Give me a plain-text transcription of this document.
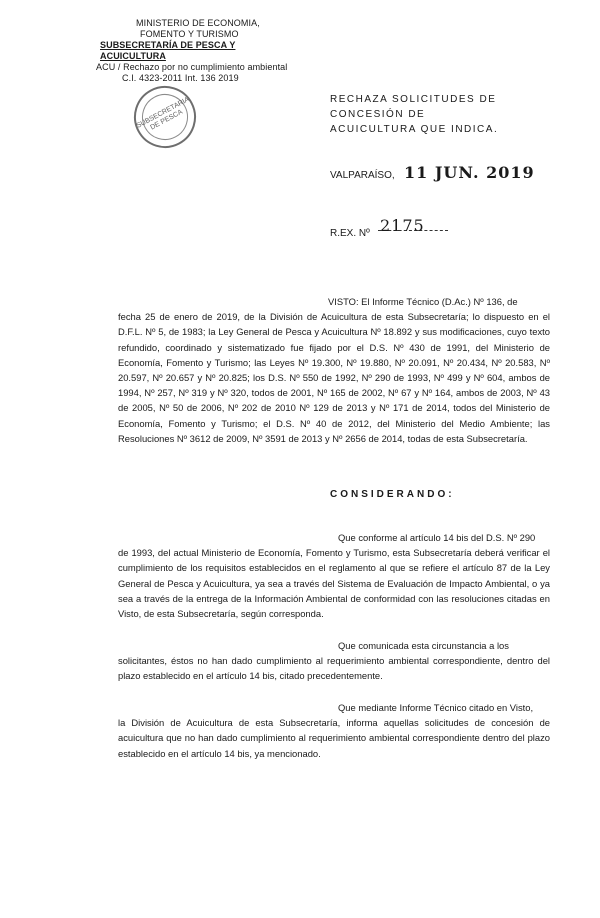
MINISTERIO DE ECONOMIA,
FOMENTO Y TURISMO
SUBSECRETARÍA DE PESCA Y ACUICULTURA
ACU / Rechazo por no cumplimiento ambiental
C.I. 4323-2011 Int. 136 2019
SUBSECRETARIA DE PESCA
RECHAZA SOLICITUDES DE CONCESIÓN DE
ACUICULTURA QUE INDICA.
VALPARAÍSO, 11 JUN. 2019
R.EX. Nº 2175
VISTO: El Informe Técnico (D.Ac.) Nº 136, de
fecha 25 de enero de 2019, de la División de Acuicultura de esta Subsecretaría; lo dispuesto en el D.F.L. Nº 5, de 1983; la Ley General de Pesca y Acuicultura Nº 18.892 y sus modificaciones, cuyo texto refundido, coordinado y sistematizado fue fijado por el D.S. Nº 430 de 1991, del Ministerio de Economía, Fomento y Turismo; las Leyes Nº 19.300, Nº 19.880, Nº 20.091, Nº 20.434, Nº 20.583, Nº 20.597, Nº 20.657 y Nº 20.825; los D.S. Nº 550 de 1992, Nº 290 de 1993, Nº 499 y Nº 604, ambos de 1994, Nº 257, Nº 319 y Nº 320, todos de 2001, Nº 165 de 2002, Nº 67 y Nº 164, ambos de 2003, Nº 43 de 2005, Nº 50 de 2006, Nº 202 de 2010 Nº 129 de 2013 y Nº 171 de 2014, todos del Ministerio de Economía, Fomento y Turismo; el D.S. Nº 40 de 2012, del Ministerio del Medio Ambiente; las Resoluciones Nº 3612 de 2009, Nº 3591 de 2013 y Nº 2656 de 2014, todas de esta Subsecretaría.
CONSIDERANDO:
Que conforme al artículo 14 bis del D.S. Nº 290
de 1993, del actual Ministerio de Economía, Fomento y Turismo, esta Subsecretaría deberá verificar el cumplimiento de los requisitos establecidos en el reglamento al que se refiere el artículo 87 de la Ley General de Pesca y Acuicultura, ya sea a través del Sistema de Evaluación de Impacto Ambiental, o ya sea a través de la entrega de la Información Ambiental de conformidad con las resoluciones citadas en Visto, de esta Subsecretaría, según corresponda.
Que comunicada esta circunstancia a los
solicitantes, éstos no han dado cumplimiento al requerimiento ambiental correspondiente, dentro del plazo establecido en el artículo 14 bis, citado precedentemente.
Que mediante Informe Técnico citado en Visto,
la División de Acuicultura de esta Subsecretaría, informa aquellas solicitudes de concesión de acuicultura que no han dado cumplimiento al requerimiento ambiental correspondiente dentro del plazo establecido en el artículo 14 bis, ya mencionado.
